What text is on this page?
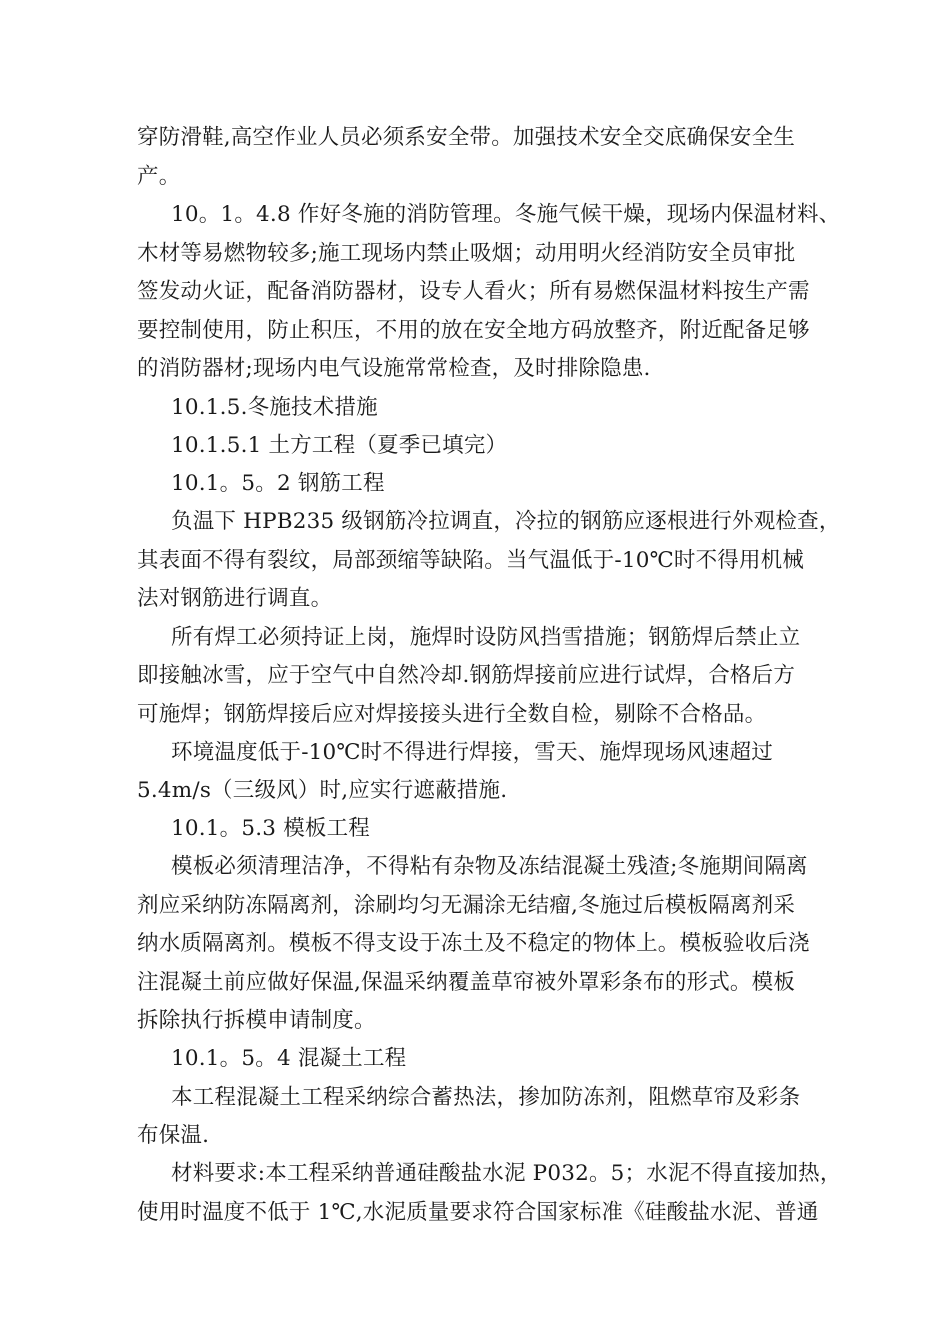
穿防滑鞋,高空作业人员必须系安全带。加强技术安全交底确保安全生
产。
10。1。4.8 作好冬施的消防管理。冬施气候干燥，现场内保温材料、
木材等易燃物较多;施工现场内禁止吸烟；动用明火经消防安全员审批
签发动火证，配备消防器材，设专人看火；所有易燃保温材料按生产需
要控制使用，防止积压，不用的放在安全地方码放整齐，附近配备足够
的消防器材;现场内电气设施常常检查，及时排除隐患.
10.1.5.冬施技术措施
10.1.5.1 土方工程（夏季已填完）
10.1。5。2 钢筋工程
负温下 HPB235 级钢筋冷拉调直，冷拉的钢筋应逐根进行外观检查，
其表面不得有裂纹，局部颈缩等缺陷。当气温低于-10℃时不得用机械
法对钢筋进行调直。
所有焊工必须持证上岗，施焊时设防风挡雪措施；钢筋焊后禁止立
即接触冰雪，应于空气中自然冷却.钢筋焊接前应进行试焊，合格后方
可施焊；钢筋焊接后应对焊接接头进行全数自检，剔除不合格品。
环境温度低于-10℃时不得进行焊接，雪天、施焊现场风速超过
5.4m/s（三级风）时,应实行遮蔽措施.
10.1。5.3 模板工程
模板必须清理洁净，不得粘有杂物及冻结混凝土残渣;冬施期间隔离
剂应采纳防冻隔离剂，涂刷均匀无漏涂无结瘤,冬施过后模板隔离剂采
纳水质隔离剂。模板不得支设于冻土及不稳定的物体上。模板验收后浇
注混凝土前应做好保温,保温采纳覆盖草帘被外罩彩条布的形式。模板
拆除执行拆模申请制度。
10.1。5。4 混凝土工程
本工程混凝土工程采纳综合蓄热法，掺加防冻剂，阻燃草帘及彩条
布保温.
材料要求:本工程采纳普通硅酸盐水泥 P032。5；水泥不得直接加热，
使用时温度不低于 1℃,水泥质量要求符合国家标准《硅酸盐水泥、普通
